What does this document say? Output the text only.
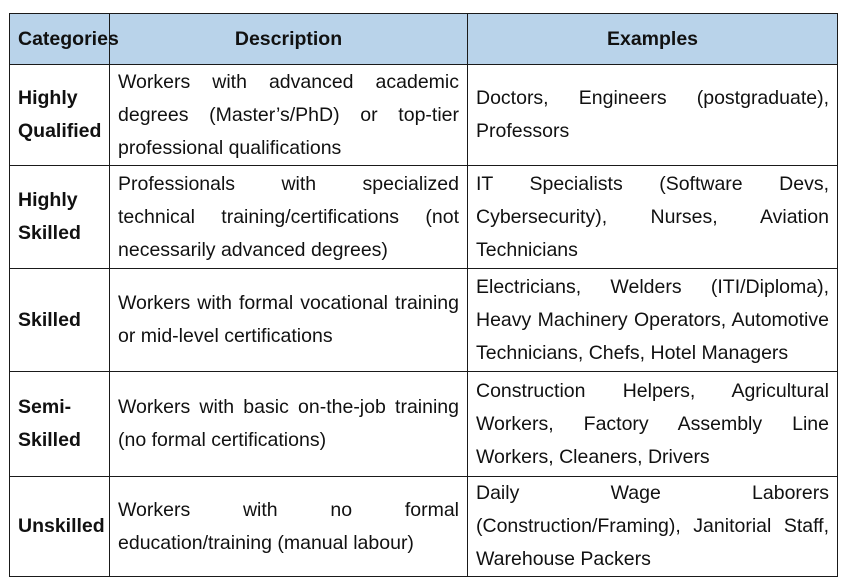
Categories	Description	Examples
Highly Qualified	Workers with advanced academic degrees (Master’s/PhD) or top-tier professional qualifications	Doctors, Engineers (postgraduate), Professors
Highly Skilled	Professionals with specialized technical training/certifications (not necessarily advanced degrees)	IT Specialists (Software Devs, Cybersecurity), Nurses, Aviation Technicians
Skilled	Workers with formal vocational training or mid-level certifications	Electricians, Welders (ITI/Diploma), Heavy Machinery Operators, Automotive Technicians, Chefs, Hotel Managers
Semi-Skilled	Workers with basic on-the-job training (no formal certifications)	Construction Helpers, Agricultural Workers, Factory Assembly Line Workers, Cleaners, Drivers
Unskilled	Workers with no formal education/training (manual labour)	Daily Wage Laborers (Construction/Framing), Janitorial Staff, Warehouse Packers
